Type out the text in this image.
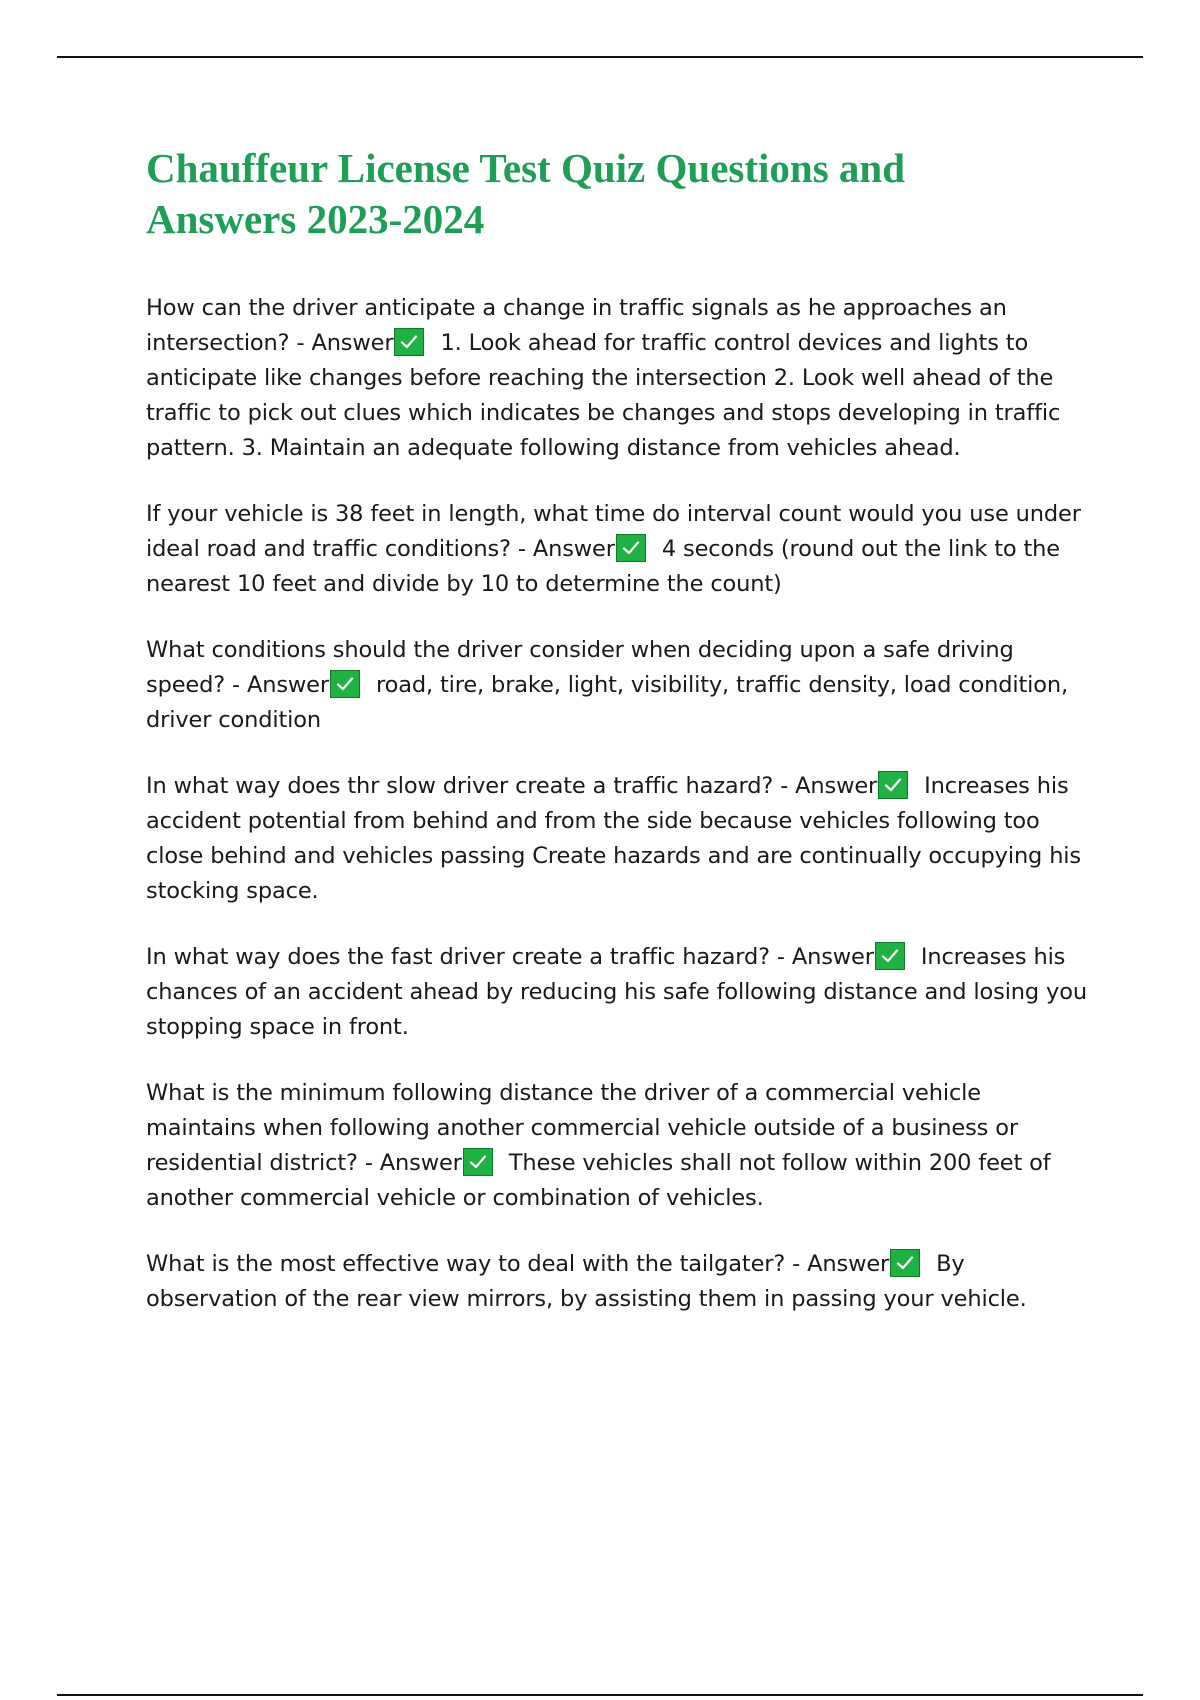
Chauffeur License Test Quiz Questions and Answers 2023-2024

How can the driver anticipate a change in traffic signals as he approaches an intersection? - Answer 1. Look ahead for traffic control devices and lights to anticipate like changes before reaching the intersection 2. Look well ahead of the traffic to pick out clues which indicates be changes and stops developing in traffic pattern. 3. Maintain an adequate following distance from vehicles ahead.

If your vehicle is 38 feet in length, what time do interval count would you use under ideal road and traffic conditions? - Answer 4 seconds (round out the link to the nearest 10 feet and divide by 10 to determine the count)

What conditions should the driver consider when deciding upon a safe driving speed? - Answer road, tire, brake, light, visibility, traffic density, load condition, driver condition

In what way does thr slow driver create a traffic hazard? - Answer Increases his accident potential from behind and from the side because vehicles following too close behind and vehicles passing Create hazards and are continually occupying his stocking space.

In what way does the fast driver create a traffic hazard? - Answer Increases his chances of an accident ahead by reducing his safe following distance and losing you stopping space in front.

What is the minimum following distance the driver of a commercial vehicle maintains when following another commercial vehicle outside of a business or residential district? - Answer These vehicles shall not follow within 200 feet of another commercial vehicle or combination of vehicles.

What is the most effective way to deal with the tailgater? - Answer By observation of the rear view mirrors, by assisting them in passing your vehicle.
